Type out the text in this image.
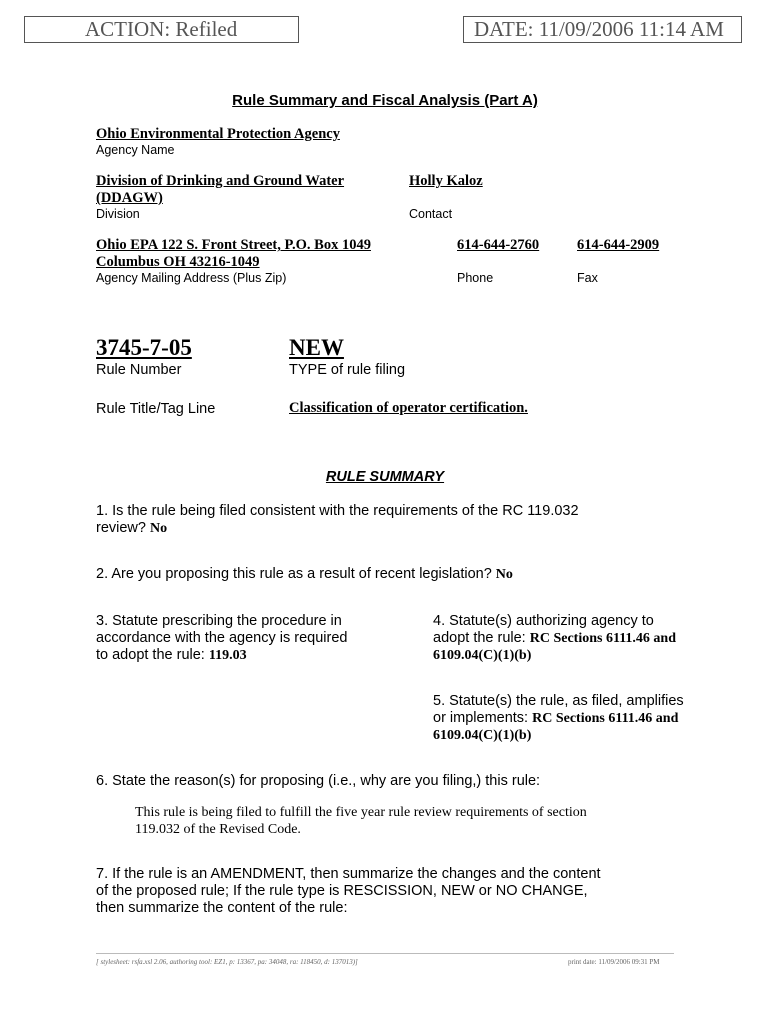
ACTION: Refiled	DATE: 11/09/2006 11:14 AM
Rule Summary and Fiscal Analysis (Part A)
Ohio Environmental Protection Agency
Agency Name
Division of Drinking and Ground Water
(DDAGW)
Division
Holly Kaloz
Contact
Ohio EPA 122 S. Front Street, P.O. Box 1049
Columbus OH 43216-1049
Agency Mailing Address (Plus Zip)
614-644-2760
Phone
614-644-2909
Fax
3745-7-05
Rule Number
NEW
TYPE of rule filing
Rule Title/Tag Line	Classification of operator certification.
RULE SUMMARY
1. Is the rule being filed consistent with the requirements of the RC 119.032
review? No
2. Are you proposing this rule as a result of recent legislation? No
3. Statute prescribing the procedure in
accordance with the agency is required
to adopt the rule: 119.03
4. Statute(s) authorizing agency to
adopt the rule: RC Sections 6111.46 and
6109.04(C)(1)(b)
5. Statute(s) the rule, as filed, amplifies
or implements: RC Sections 6111.46 and
6109.04(C)(1)(b)
6. State the reason(s) for proposing (i.e., why are you filing,) this rule:
This rule is being filed to fulfill the five year rule review requirements of section
119.032 of the Revised Code.
7. If the rule is an AMENDMENT, then summarize the changes and the content
of the proposed rule; If the rule type is RESCISSION, NEW or NO CHANGE,
then summarize the content of the rule:
[ stylesheet: rsfa.xsl 2.06, authoring tool: EZ1, p: 13367, pa: 34048, ra: 118450, d: 137013)]	print date: 11/09/2006 09:31 PM
